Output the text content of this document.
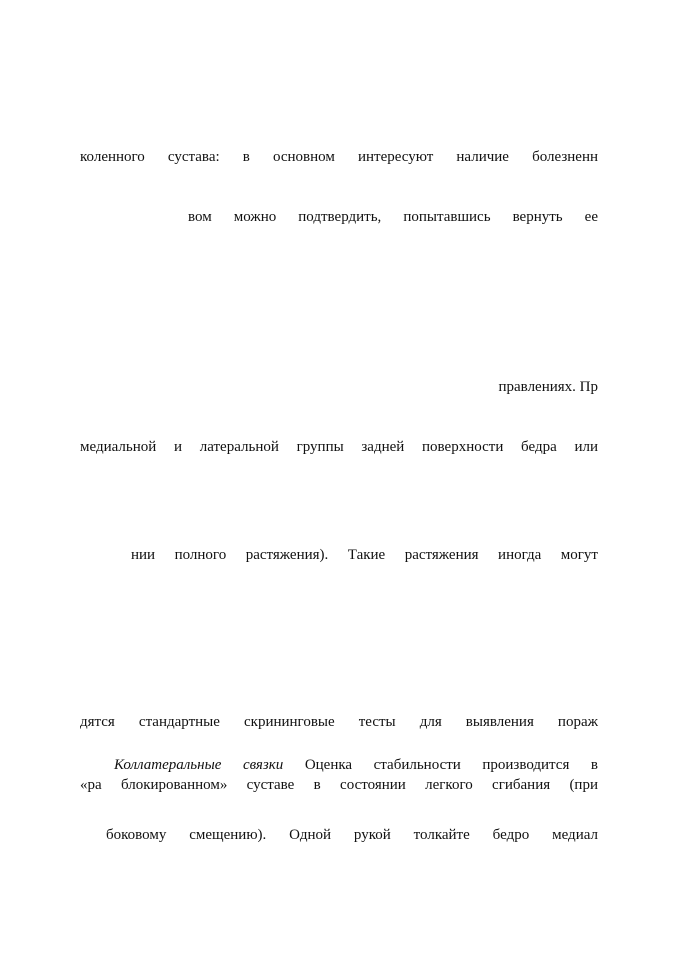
коленного сустава: в основном интересуют наличие болезненн
вом можно подтвердить, попытавшись вернуть ее
правлениях. Пр
медиальной и латеральной группы задней поверхности бедра или
нии полного растяжения). Такие растяжения иногда могут
дятся стандартные скрининговые тесты для выявления пораж
Коллатеральные связки Оценка стабильности производится в
«ра блокированном» суставе в состоянии легкого сгибания (при
боковому смещению). Одной рукой толкайте бедро медиал
